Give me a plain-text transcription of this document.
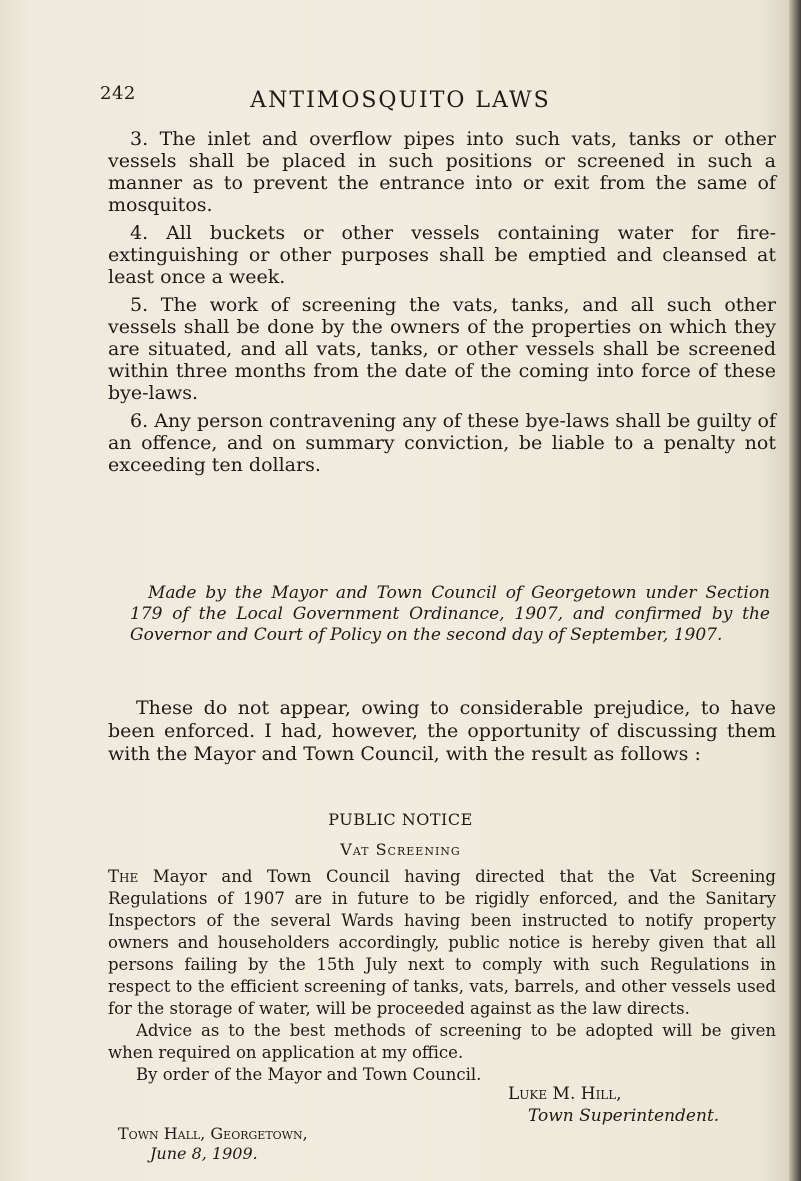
242	ANTIMOSQUITO LAWS

3. The inlet and overflow pipes into such vats, tanks or other vessels shall be placed in such positions or screened in such a manner as to prevent the entrance into or exit from the same of mosquitos.

4. All buckets or other vessels containing water for fire-extinguishing or other purposes shall be emptied and cleansed at least once a week.

5. The work of screening the vats, tanks, and all such other vessels shall be done by the owners of the properties on which they are situated, and all vats, tanks, or other vessels shall be screened within three months from the date of the coming into force of these bye-laws.

6. Any person contravening any of these bye-laws shall be guilty of an offence, and on summary conviction, be liable to a penalty not exceeding ten dollars.

Made by the Mayor and Town Council of Georgetown under Section 179 of the Local Government Ordinance, 1907, and confirmed by the Governor and Court of Policy on the second day of September, 1907.

These do not appear, owing to considerable prejudice, to have been enforced. I had, however, the opportunity of discussing them with the Mayor and Town Council, with the result as follows :

PUBLIC NOTICE
Vat Screening

The Mayor and Town Council having directed that the Vat Screening Regulations of 1907 are in future to be rigidly enforced, and the Sanitary Inspectors of the several Wards having been instructed to notify property owners and householders accordingly, public notice is hereby given that all persons failing by the 15th July next to comply with such Regulations in respect to the efficient screening of tanks, vats, barrels, and other vessels used for the storage of water, will be proceeded against as the law directs.

Advice as to the best methods of screening to be adopted will be given when required on application at my office.

By order of the Mayor and Town Council.

Luke M. Hill,
Town Superintendent.
Town Hall, Georgetown,
June 8, 1909.
